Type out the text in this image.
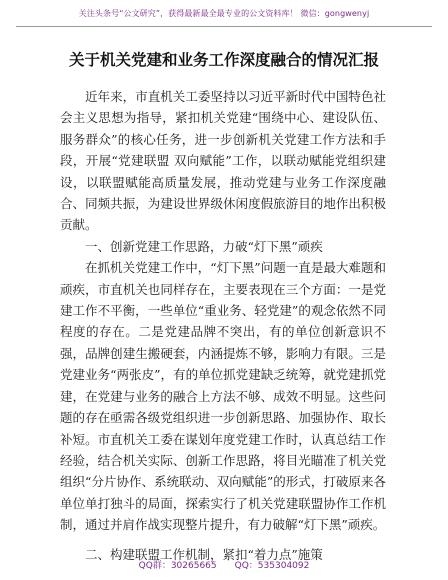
关注头条号“公文研究”，获得最新最全最专业的公文资料库！ 微信：gongwenyj
关于机关党建和业务工作深度融合的情况汇报

近年来，市直机关工委坚持以习近平新时代中国特色社会主义思想为指导，紧扣机关党建“围绕中心、建设队伍、服务群众”的核心任务，进一步创新机关党建工作方法和手段，开展“党建联盟 双向赋能”工作，以联动赋能党组织建设，以联盟赋能高质量发展，推动党建与业务工作深度融合、同频共振，为建设世界级休闲度假旅游目的地作出积极贡献。

一、创新党建工作思路，力破“灯下黑”顽疾

在抓机关党建工作中，“灯下黑”问题一直是最大难题和顽疾，市直机关也同样存在，主要表现在三个方面：一是党建工作不平衡，一些单位“重业务、轻党建”的观念依然不同程度的存在。二是党建品牌不突出，有的单位创新意识不强，品牌创建生搬硬套，内涵提炼不够，影响力有限。三是党建业务“两张皮”，有的单位抓党建缺乏统筹，就党建抓党建，在党建与业务的融合上方法不够、成效不明显。这些问题的存在亟需各级党组织进一步创新思路、加强协作、取长补短。市直机关工委在谋划年度党建工作时，认真总结工作经验，结合机关实际、创新工作思路，将目光瞄准了机关党组织“分片协作、系统联动、双向赋能”的形式，打破原来各单位单打独斗的局面，探索实行了机关党建联盟协作工作机制，通过并肩作战实现整片提升，有力破解“灯下黑”顽疾。

二、构建联盟工作机制，紧扣“着力点”施策

QQ群：30265665 QQ：535304092
